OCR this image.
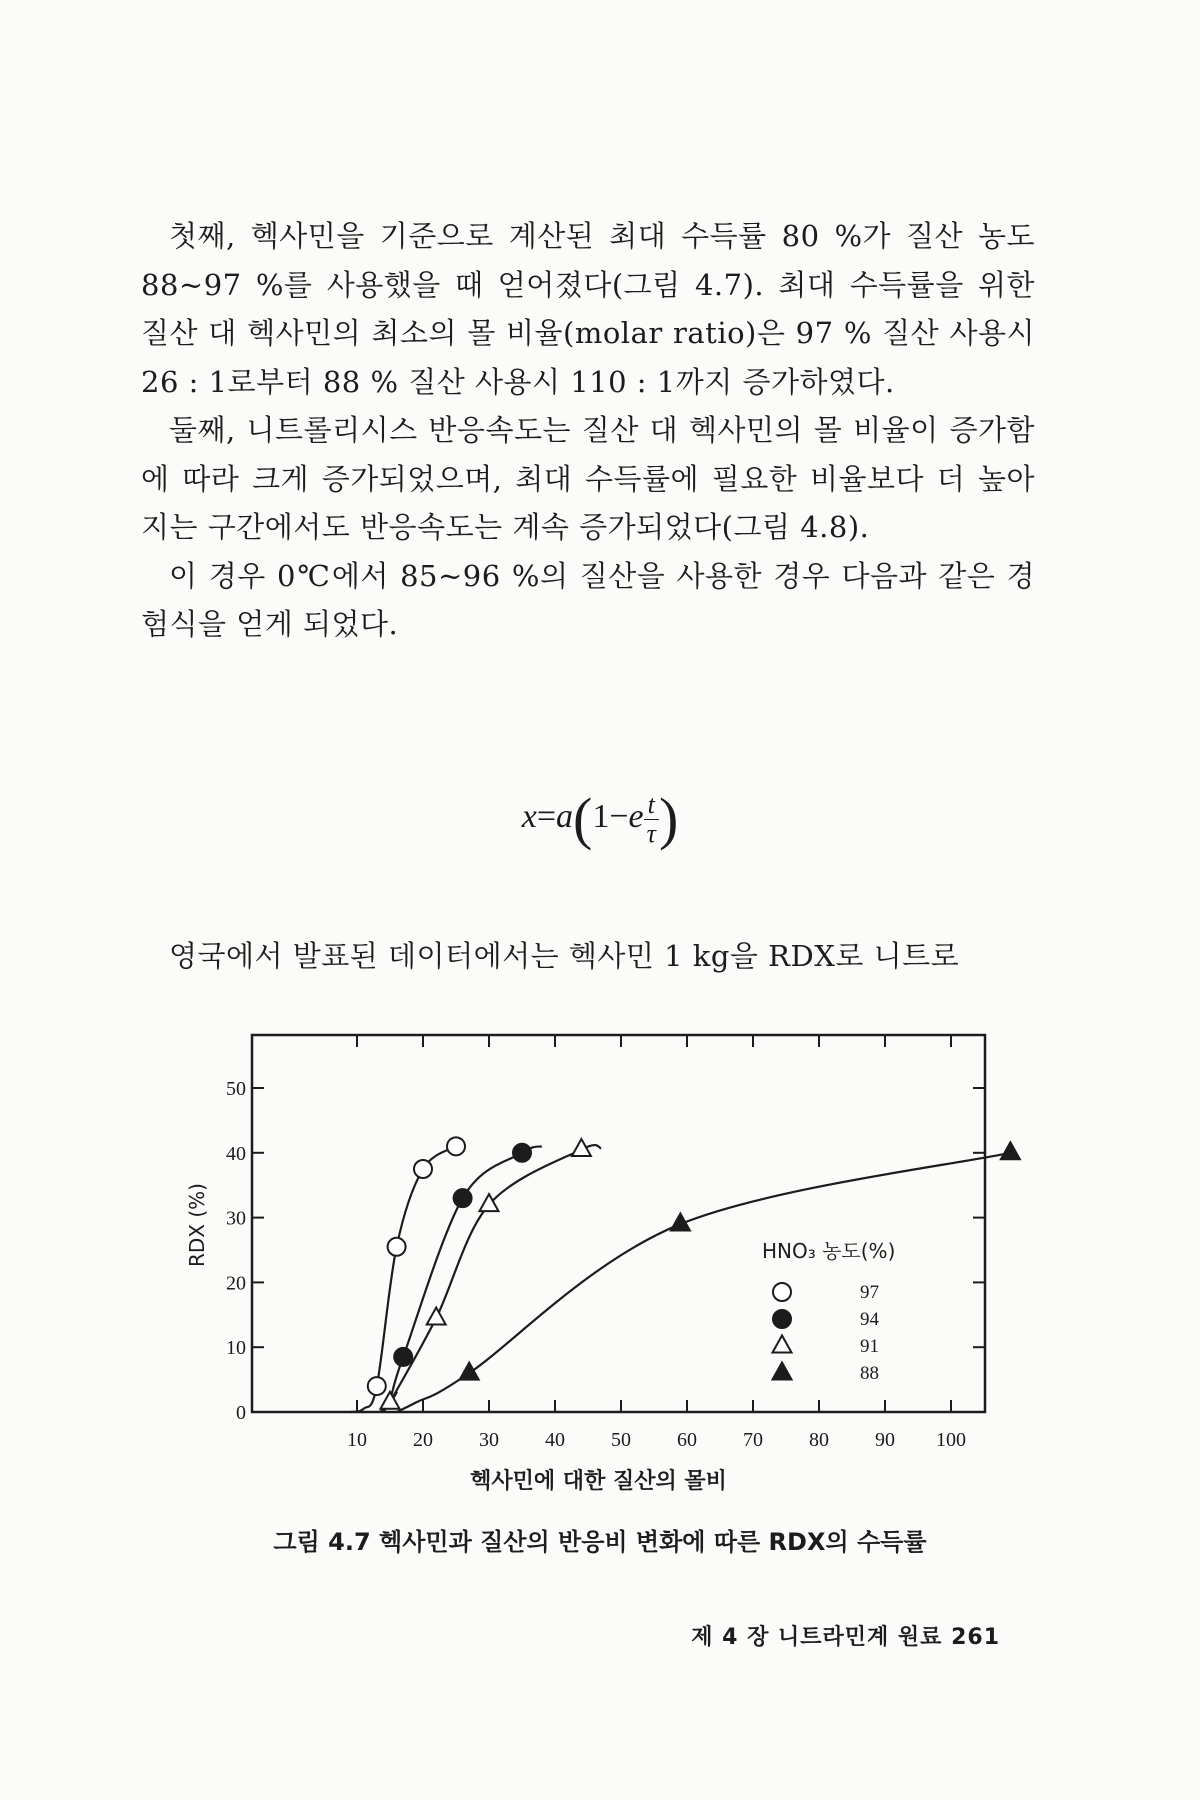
첫째, 헥사민을 기준으로 계산된 최대 수득률 80 %가 질산 농도 88~97 %를 사용했을 때 얻어졌다(그림 4.7). 최대 수득률을 위한 질산 대 헥사민의 최소의 몰 비율(molar ratio)은 97 % 질산 사용시 26 : 1로부터 88 % 질산 사용시 110 : 1까지 증가하였다.

둘째, 니트롤리시스 반응속도는 질산 대 헥사민의 몰 비율이 증가함에 따라 크게 증가되었으며, 최대 수득률에 필요한 비율보다 더 높아지는 구간에서도 반응속도는 계속 증가되었다(그림 4.8).

이 경우 0℃에서 85~96 %의 질산을 사용한 경우 다음과 같은 경험식을 얻게 되었다.

$x=a(1-e \frac{t}{\tau}$ )
영국에서 발표된 데이터에서는 헥사민 1 kg을 RDX로 니트로
10 20 30 40 50 60 70 80 90 100
0
10
20
30
40
50
헥사민에 대한 질산의 몰비
RDX (%)	HNO₃ 농도(%)
97
94
91
88
그림 4.7 헥사민과 질산의 반응비 변화에 따른 RDX의 수득률
제 4 장 니트라민계 원료 261
